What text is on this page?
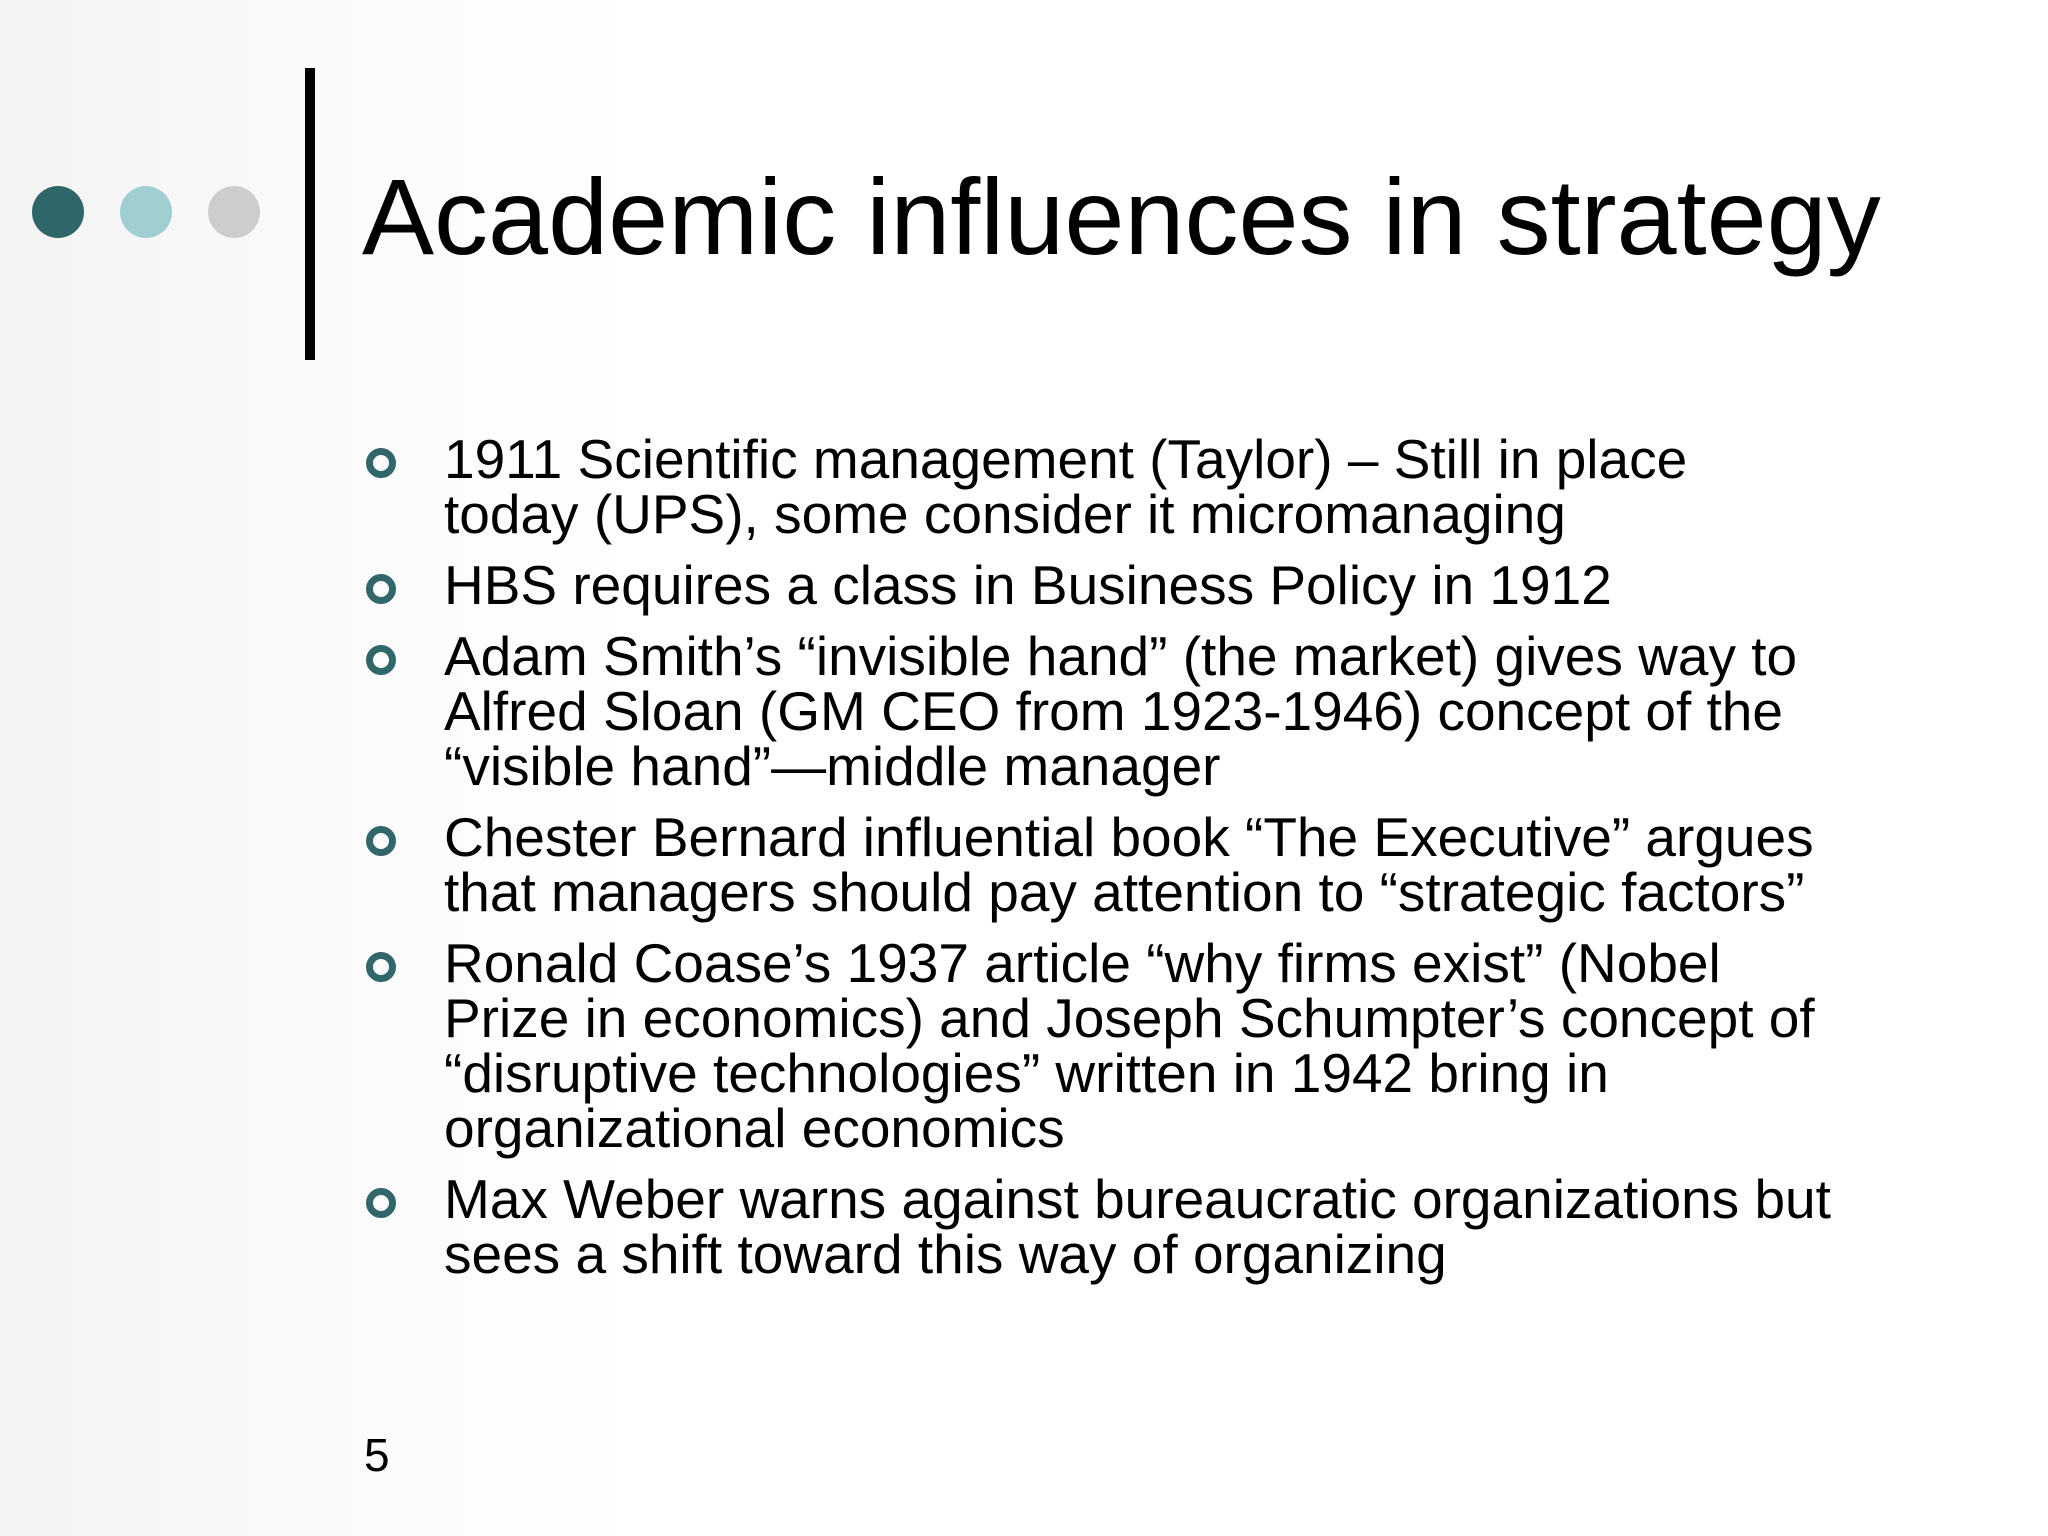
Academic influences in strategy
1911 Scientific management (Taylor) – Still in place
today (UPS), some consider it micromanaging
HBS requires a class in Business Policy in 1912
Adam Smith’s “invisible hand” (the market) gives way to
Alfred Sloan (GM CEO from 1923-1946) concept of the
“visible hand”—middle manager
Chester Bernard influential book “The Executive” argues
that managers should pay attention to “strategic factors”
Ronald Coase’s 1937 article “why firms exist” (Nobel
Prize in economics) and Joseph Schumpter’s concept of
“disruptive technologies” written in 1942 bring in
organizational economics
Max Weber warns against bureaucratic organizations but
sees a shift toward this way of organizing
5
